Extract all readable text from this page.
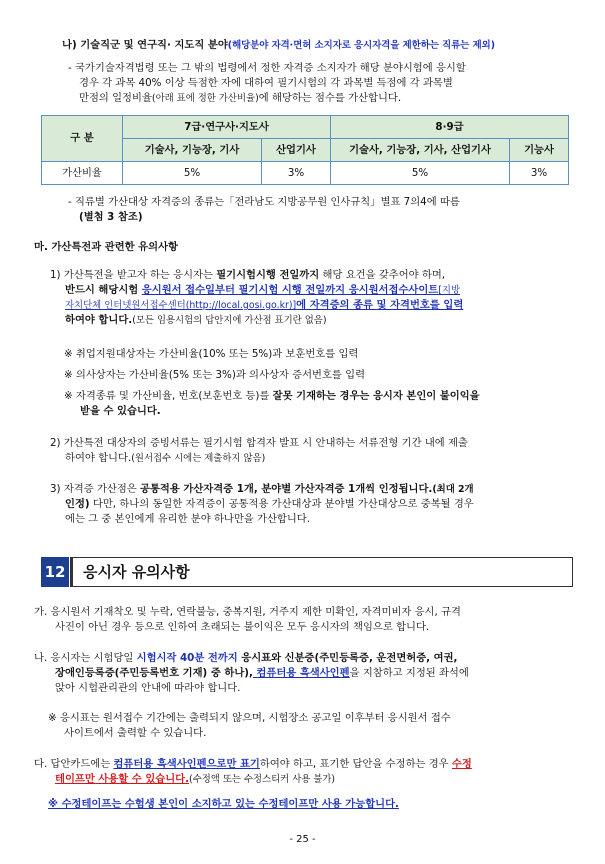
나) 기술직군 및 연구직· 지도직 분야(해당분야 자격·면허 소지자로 응시자격을 제한하는 직류는 제외)
- 국가기술자격법령 또는 그 밖의 법령에서 정한 자격증 소지자가 해당 분야시험에 응시할
경우 각 과목 40% 이상 득점한 자에 대하여 필기시험의 각 과목별 득점에 각 과목별
만점의 일정비율(아래 표에 정한 가산비율)에 해당하는 점수를 가산합니다.
구 분	7급·연구사·지도사		8·9급	
	기술사, 기능장, 기사	산업기사	기술사, 기능장, 기사, 산업기사	기능사
가산비율	5%	3%	5%	3%
- 직류별 가산대상 자격증의 종류는「전라남도 지방공무원 인사규칙」별표 7의4에 따름
(별첨 3 참조)
마. 가산특전과 관련한 유의사항
1) 가산특전을 받고자 하는 응시자는 필기시험시행 전일까지 해당 요건을 갖추어야 하며,
반드시 해당시험 응시원서 접수일부터 필기시험 시행 전일까지 응시원서접수사이트[지방
자치단체 인터넷원서접수센터(http://local.gosi.go.kr)]에 자격증의 종류 및 자격번호를 입력
하여야 합니다.(모든 임용시험의 답안지에 가산점 표기란 없음)
※ 취업지원대상자는 가산비율(10% 또는 5%)과 보훈번호를 입력
※ 의사상자는 가산비율(5% 또는 3%)과 의사상자 증서번호를 입력
※ 자격종류 및 가산비율, 번호(보훈번호 등)를 잘못 기재하는 경우는 응시자 본인이 불이익을
받을 수 있습니다.
2) 가산특전 대상자의 증빙서류는 필기시험 합격자 발표 시 안내하는 서류전형 기간 내에 제출
하여야 합니다.(원서접수 시에는 제출하지 않음)
3) 자격증 가산점은 공통적용 가산자격증 1개, 분야별 가산자격증 1개씩 인정됩니다.(최대 2개
인정) 다만, 하나의 동일한 자격증이 공통적용 가산대상과 분야별 가산대상으로 중복될 경우
에는 그 중 본인에게 유리한 분야 하나만을 가산합니다.
12	응시자 유의사항
가. 응시원서 기재착오 및 누락, 연락불능, 중복지원, 거주지 제한 미확인, 자격미비자 응시, 규격
사진이 아닌 경우 등으로 인하여 초래되는 불이익은 모두 응시자의 책임으로 합니다.
나. 응시자는 시험당일 시험시작 40분 전까지 응시표와 신분증(주민등록증, 운전면허증, 여권,
장애인등록증(주민등록번호 기재) 중 하나), 컴퓨터용 흑색사인펜을 지참하고 지정된 좌석에
앉아 시험관리관의 안내에 따라야 합니다.
※ 응시표는 원서접수 기간에는 출력되지 않으며, 시험장소 공고일 이후부터 응시원서 접수
사이트에서 출력할 수 있습니다.
다. 답안카드에는 컴퓨터용 흑색사인펜으로만 표기하여야 하고, 표기한 답안을 수정하는 경우 수정
테이프만 사용할 수 있습니다.(수정액 또는 수정스티커 사용 불가)
※ 수정테이프는 수험생 본인이 소지하고 있는 수정테이프만 사용 가능합니다.
- 25 -
